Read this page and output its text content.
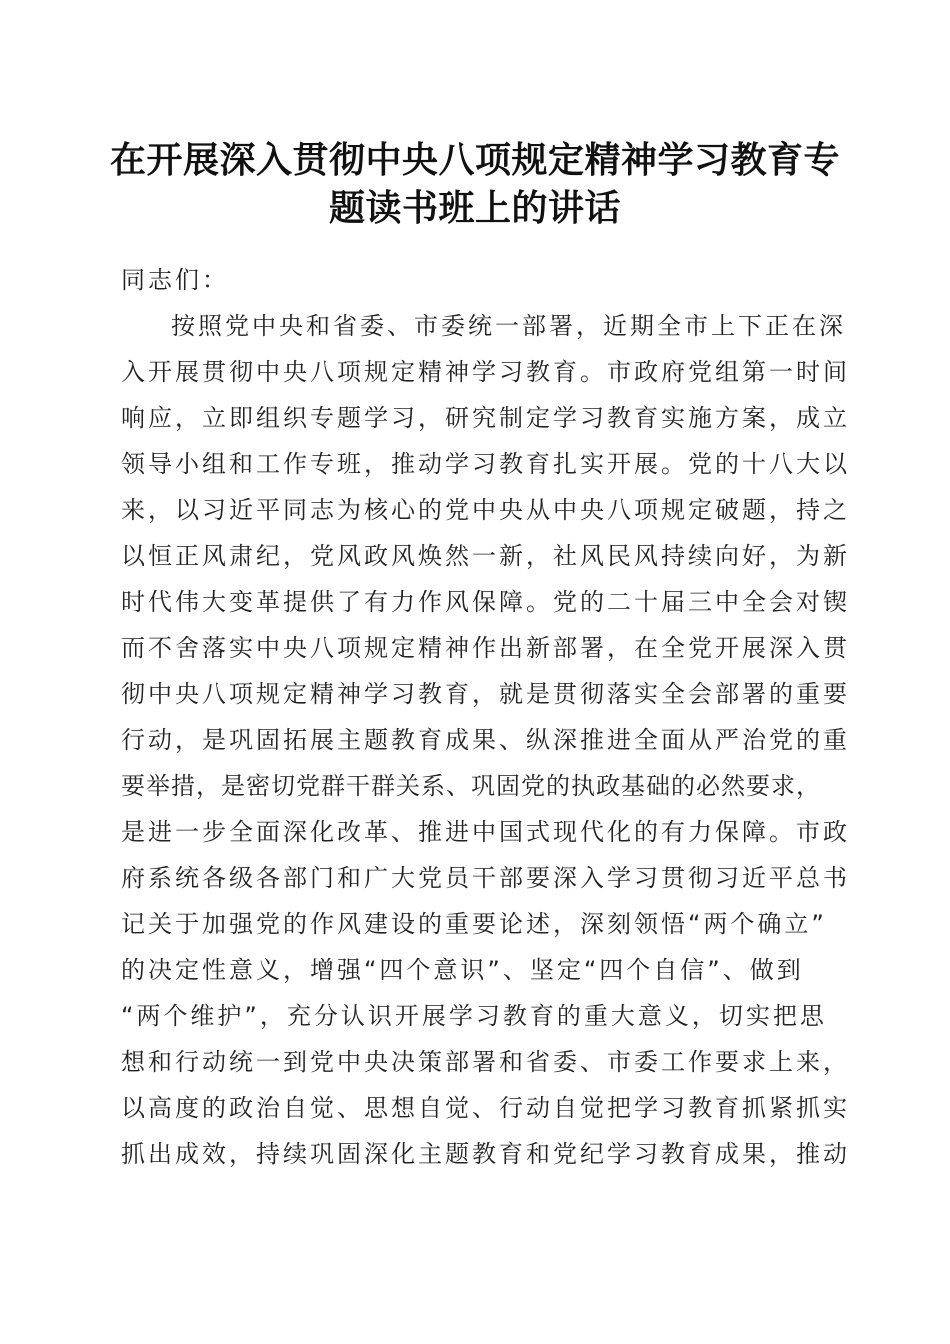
在开展深入贯彻中央八项规定精神学习教育专
题读书班上的讲话
同志们：
按照党中央和省委、市委统一部署，近期全市上下正在深
入开展贯彻中央八项规定精神学习教育。市政府党组第一时间
响应，立即组织专题学习，研究制定学习教育实施方案，成立
领导小组和工作专班，推动学习教育扎实开展。党的十八大以
来，以习近平同志为核心的党中央从中央八项规定破题，持之
以恒正风肃纪，党风政风焕然一新，社风民风持续向好，为新
时代伟大变革提供了有力作风保障。党的二十届三中全会对锲
而不舍落实中央八项规定精神作出新部署，在全党开展深入贯
彻中央八项规定精神学习教育，就是贯彻落实全会部署的重要
行动，是巩固拓展主题教育成果、纵深推进全面从严治党的重
要举措，是密切党群干群关系、巩固党的执政基础的必然要求，
是进一步全面深化改革、推进中国式现代化的有力保障。市政
府系统各级各部门和广大党员干部要深入学习贯彻习近平总书
记关于加强党的作风建设的重要论述，深刻领悟“两个确立”
的决定性意义，增强“四个意识”、坚定“四个自信”、做到
“两个维护”，充分认识开展学习教育的重大意义，切实把思
想和行动统一到党中央决策部署和省委、市委工作要求上来，
以高度的政治自觉、思想自觉、行动自觉把学习教育抓紧抓实
抓出成效，持续巩固深化主题教育和党纪学习教育成果，推动
